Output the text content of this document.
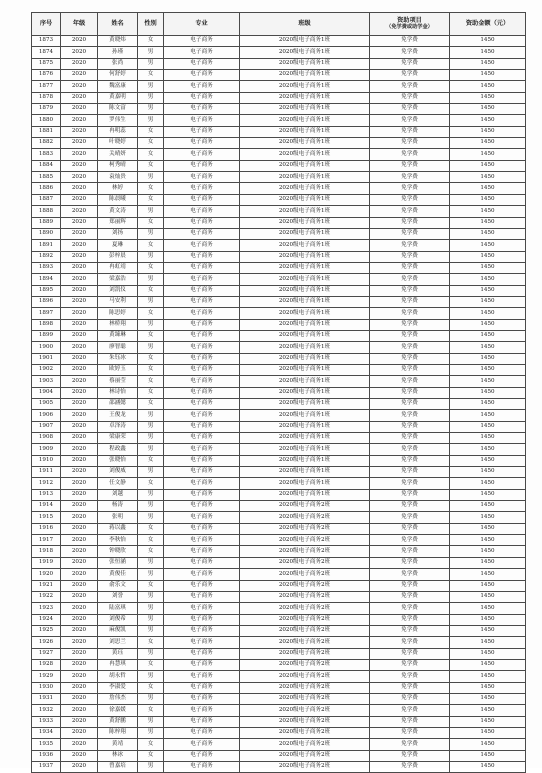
序号	年级	姓名	性别	专业	班级	资助项目
（免学费或助学金）	资助金额（元）
1873	2020	黄晓炜	女	电子商务	2020级电子商务1班	免学费	1450
1874	2020	孙瑾	男	电子商务	2020级电子商务1班	免学费	1450
1875	2020	张尚	男	电子商务	2020级电子商务1班	免学费	1450
1876	2020	何舒婷	女	电子商务	2020级电子商务1班	免学费	1450
1877	2020	魏富康	男	电子商务	2020级电子商务1班	免学费	1450
1878	2020	黄嘉明	男	电子商务	2020级电子商务1班	免学费	1450
1879	2020	陈文富	男	电子商务	2020级电子商务1班	免学费	1450
1880	2020	罗伟生	男	电子商务	2020级电子商务1班	免学费	1450
1881	2020	冉明蕊	女	电子商务	2020级电子商务1班	免学费	1450
1882	2020	叶晓婷	女	电子商务	2020级电子商务1班	免学费	1450
1883	2020	关晴妍	女	电子商务	2020级电子商务1班	免学费	1450
1884	2020	柯秀晴	女	电子商务	2020级电子商务1班	免学费	1450
1885	2020	袁灿贵	男	电子商务	2020级电子商务1班	免学费	1450
1886	2020	林婷	女	电子商务	2020级电子商务1班	免学费	1450
1887	2020	陈晨曦	女	电子商务	2020级电子商务1班	免学费	1450
1888	2020	黄文涛	男	电子商务	2020级电子商务1班	免学费	1450
1889	2020	郑丽辉	女	电子商务	2020级电子商务1班	免学费	1450
1890	2020	刘扬	男	电子商务	2020级电子商务1班	免学费	1450
1891	2020	夏琳	女	电子商务	2020级电子商务1班	免学费	1450
1892	2020	彭梓晨	男	电子商务	2020级电子商务1班	免学费	1450
1893	2020	冉虹靖	女	电子商务	2020级电子商务1班	免学费	1450
1894	2020	梁嘉浩	男	电子商务	2020级电子商务1班	免学费	1450
1895	2020	刘凯仪	女	电子商务	2020级电子商务1班	免学费	1450
1896	2020	马安利	男	电子商务	2020级电子商务1班	免学费	1450
1897	2020	陈思婷	女	电子商务	2020级电子商务1班	免学费	1450
1898	2020	林桥翔	男	电子商务	2020级电子商务1班	免学费	1450
1899	2020	黄臻琳	女	电子商务	2020级电子商务1班	免学费	1450
1900	2020	廖智聪	男	电子商务	2020级电子商务1班	免学费	1450
1901	2020	朱钰冰	女	电子商务	2020级电子商务1班	免学费	1450
1902	2020	欧婷玉	女	电子商务	2020级电子商务1班	免学费	1450
1903	2020	蔡丽莹	女	电子商务	2020级电子商务1班	免学费	1450
1904	2020	林诗怡	女	电子商务	2020级电子商务1班	免学费	1450
1905	2020	邵涵懿	女	电子商务	2020级电子商务1班	免学费	1450
1906	2020	王俊龙	男	电子商务	2020级电子商务1班	免学费	1450
1907	2020	卓泽涛	男	电子商务	2020级电子商务1班	免学费	1450
1908	2020	梁康荣	男	电子商务	2020级电子商务1班	免学费	1450
1909	2020	程政鑫	男	电子商务	2020级电子商务1班	免学费	1450
1910	2020	张晓怡	女	电子商务	2020级电子商务1班	免学费	1450
1911	2020	刘俊威	男	电子商务	2020级电子商务1班	免学费	1450
1912	2020	任文静	女	电子商务	2020级电子商务1班	免学费	1450
1913	2020	刘越	男	电子商务	2020级电子商务1班	免学费	1450
1914	2020	杨涛	男	电子商务	2020级电子商务2班	免学费	1450
1915	2020	张明	男	电子商务	2020级电子商务2班	免学费	1450
1916	2020	蒋以鑫	女	电子商务	2020级电子商务2班	免学费	1450
1917	2020	李秋怡	女	电子商务	2020级电子商务2班	免学费	1450
1918	2020	钟晓欣	女	电子商务	2020级电子商务2班	免学费	1450
1919	2020	张恒涵	男	电子商务	2020级电子商务2班	免学费	1450
1920	2020	黄俊佳	男	电子商务	2020级电子商务2班	免学费	1450
1921	2020	俞乐文	女	电子商务	2020级电子商务2班	免学费	1450
1922	2020	刘誉	男	电子商务	2020级电子商务2班	免学费	1450
1923	2020	陆富琪	男	电子商务	2020级电子商务2班	免学费	1450
1924	2020	刘俊希	男	电子商务	2020级电子商务2班	免学费	1450
1925	2020	麻俊凯	男	电子商务	2020级电子商务2班	免学费	1450
1926	2020	刘思兰	女	电子商务	2020级电子商务2班	免学费	1450
1927	2020	黄珏	男	电子商务	2020级电子商务2班	免学费	1450
1928	2020	冉慧琪	女	电子商务	2020级电子商务2班	免学费	1450
1929	2020	胡永哲	男	电子商务	2020级电子商务2班	免学费	1450
1930	2020	李淑爱	女	电子商务	2020级电子商务2班	免学费	1450
1931	2020	詹伟杰	男	电子商务	2020级电子商务2班	免学费	1450
1932	2020	徐嘉媛	女	电子商务	2020级电子商务2班	免学费	1450
1933	2020	黄舒鹏	男	电子商务	2020级电子商务2班	免学费	1450
1934	2020	陈梓翔	男	电子商务	2020级电子商务2班	免学费	1450
1935	2020	黄靖	女	电子商务	2020级电子商务2班	免学费	1450
1936	2020	林冰	女	电子商务	2020级电子商务2班	免学费	1450
1937	2020	曾嘉培	男	电子商务	2020级电子商务2班	免学费	1450
